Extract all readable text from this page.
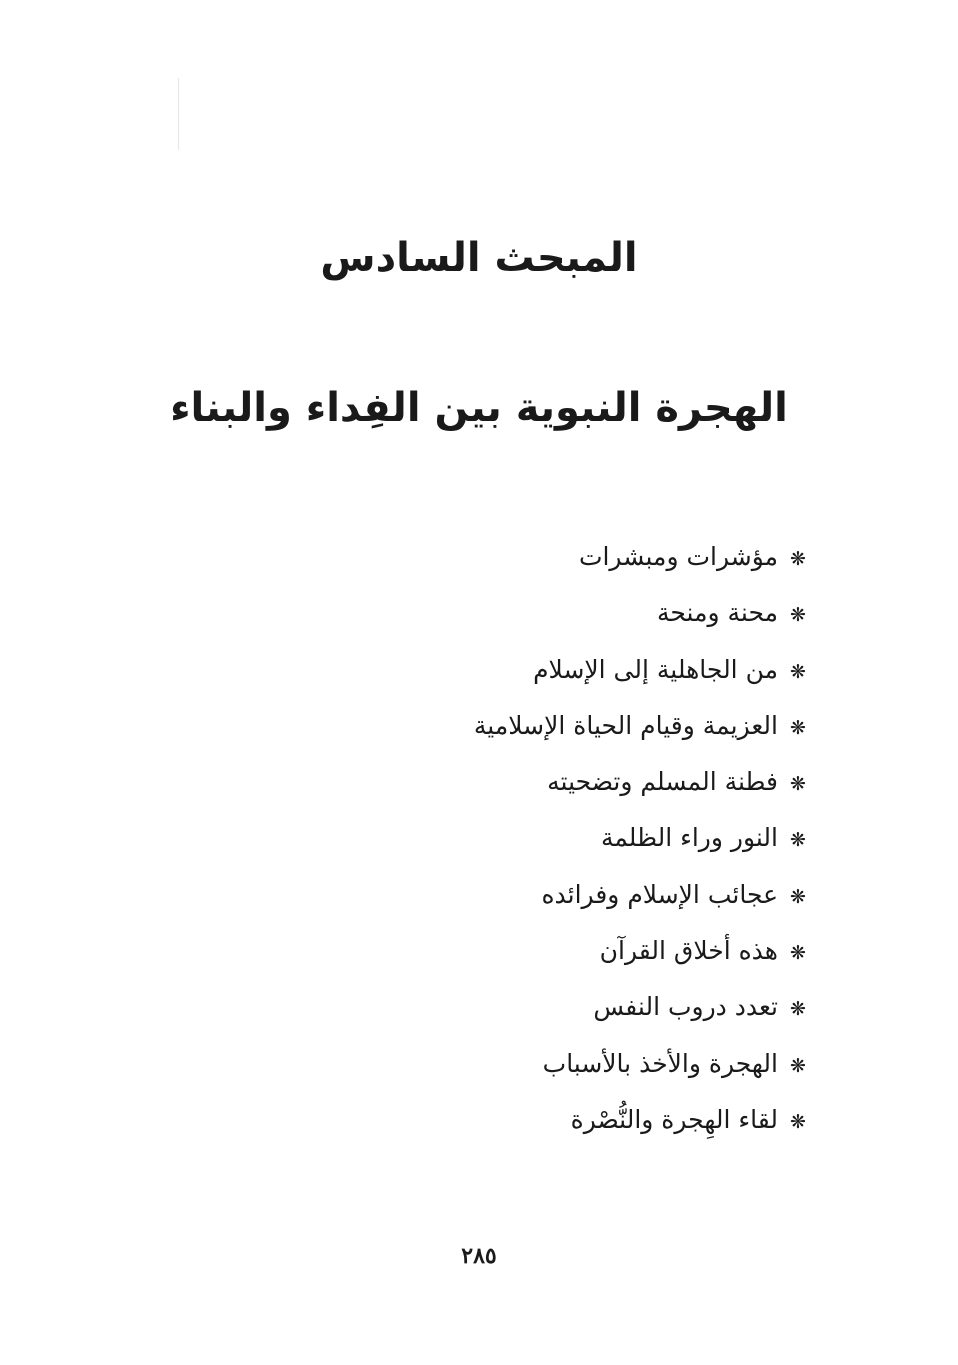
المبحث السادس
الهجرة النبوية بين الفِداء والبناء
❋مؤشرات ومبشرات
❋محنة ومنحة
❋من الجاهلية إلى الإسلام
❋العزيمة وقيام الحياة الإسلامية
❋فطنة المسلم وتضحيته
❋النور وراء الظلمة
❋عجائب الإسلام وفرائده
❋هذه أخلاق القرآن
❋تعدد دروب النفس
❋الهجرة والأخذ بالأسباب
❋لقاء الهِجرة والنُّصْرة
٢٨٥
